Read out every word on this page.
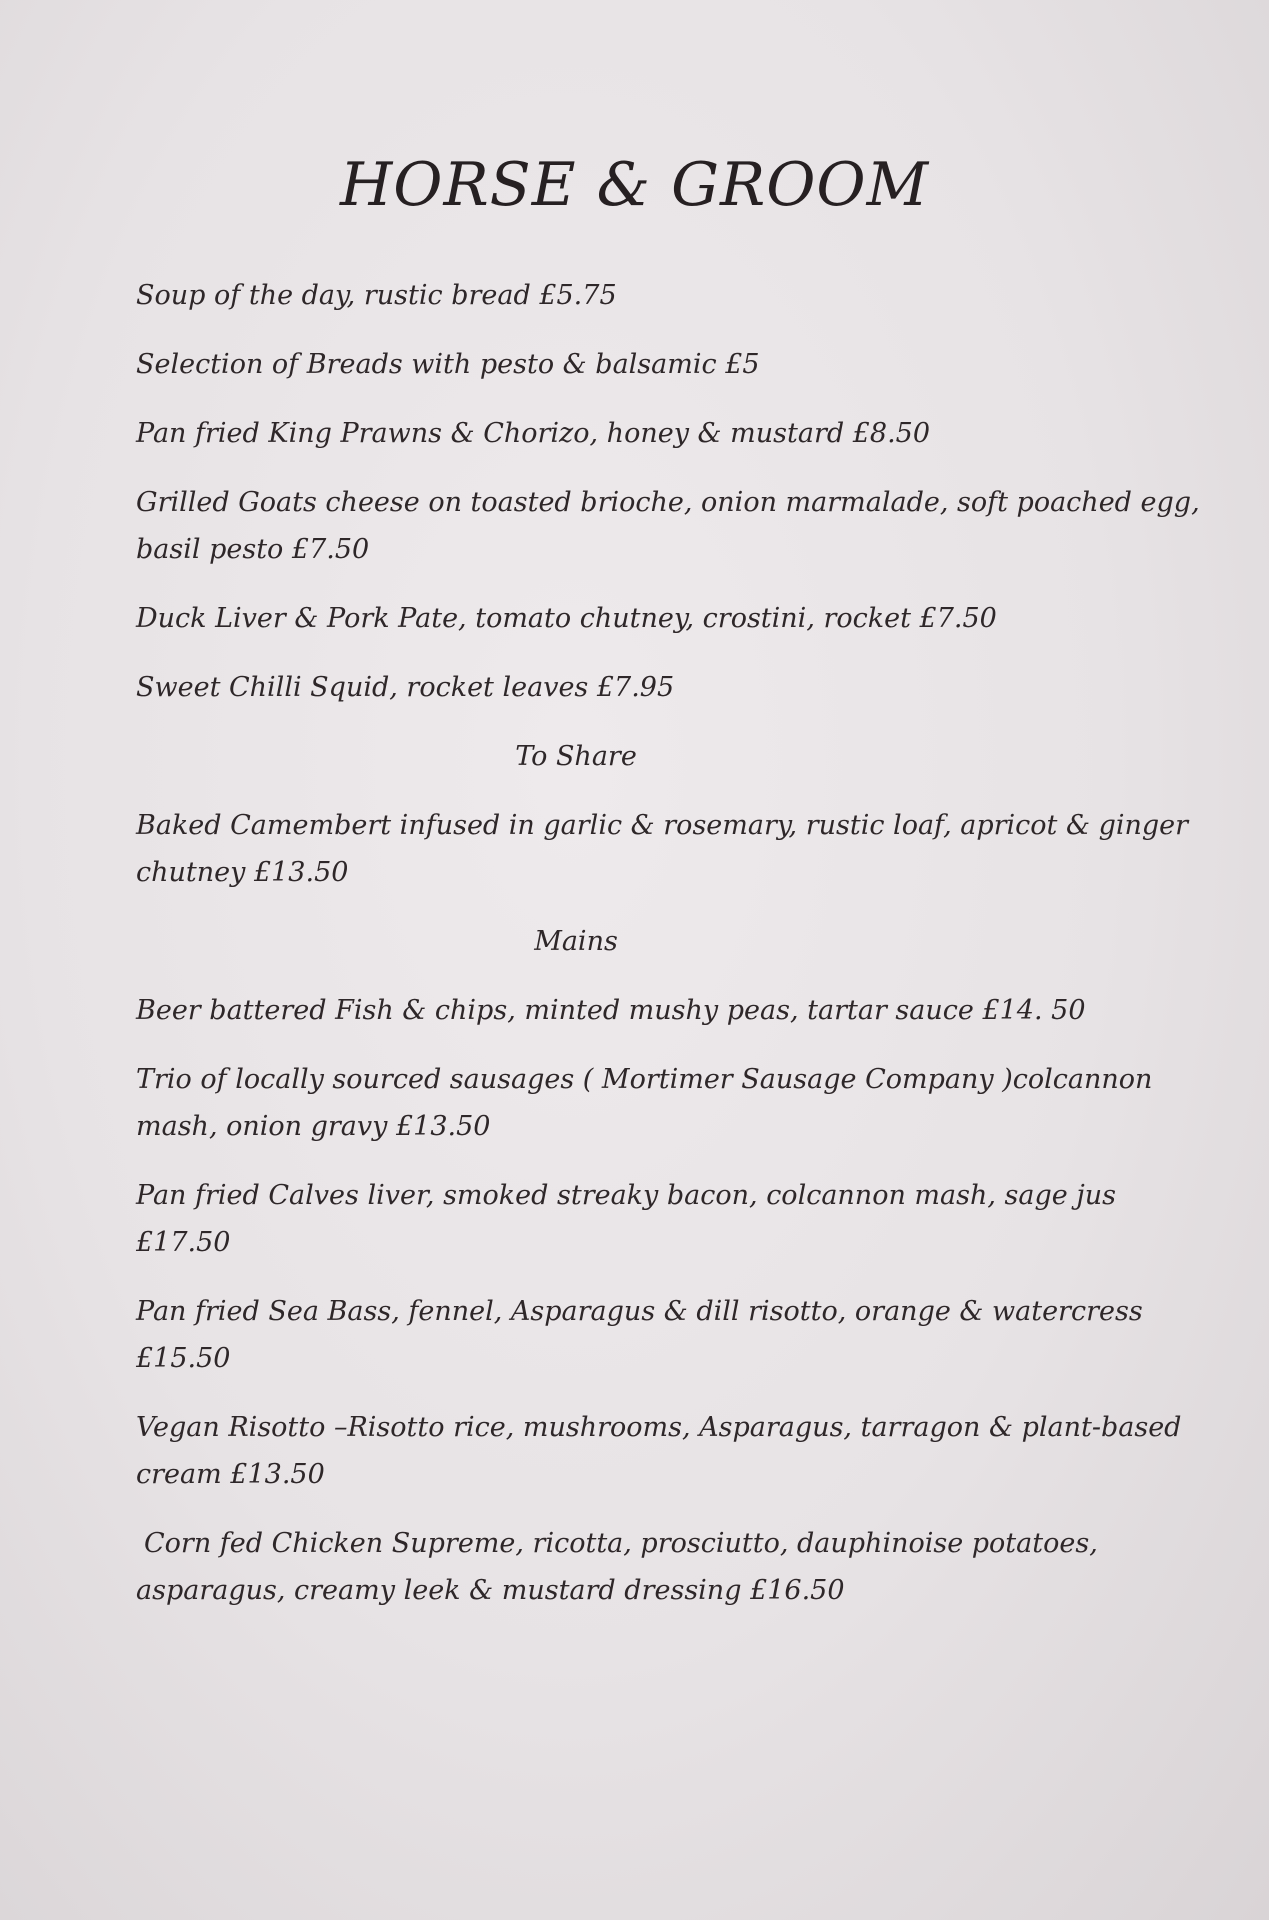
HORSE & GROOM
Soup of the day, rustic bread £5.75
Selection of Breads with pesto & balsamic £5
Pan fried King Prawns & Chorizo, honey & mustard £8.50
Grilled Goats cheese on toasted brioche, onion marmalade, soft poached egg,
basil pesto £7.50
Duck Liver & Pork Pate, tomato chutney, crostini, rocket £7.50
Sweet Chilli Squid, rocket leaves £7.95
To Share
Baked Camembert infused in garlic & rosemary, rustic loaf, apricot & ginger
chutney £13.50
Mains
Beer battered Fish & chips, minted mushy peas, tartar sauce £14. 50
Trio of locally sourced sausages ( Mortimer Sausage Company )colcannon
mash, onion gravy £13.50
Pan fried Calves liver, smoked streaky bacon, colcannon mash, sage jus
£17.50
Pan fried Sea Bass, fennel, Asparagus & dill risotto, orange & watercress
£15.50
Vegan Risotto –Risotto rice, mushrooms, Asparagus, tarragon & plant-based
cream £13.50
Corn fed Chicken Supreme, ricotta, prosciutto, dauphinoise potatoes,
asparagus, creamy leek & mustard dressing £16.50
